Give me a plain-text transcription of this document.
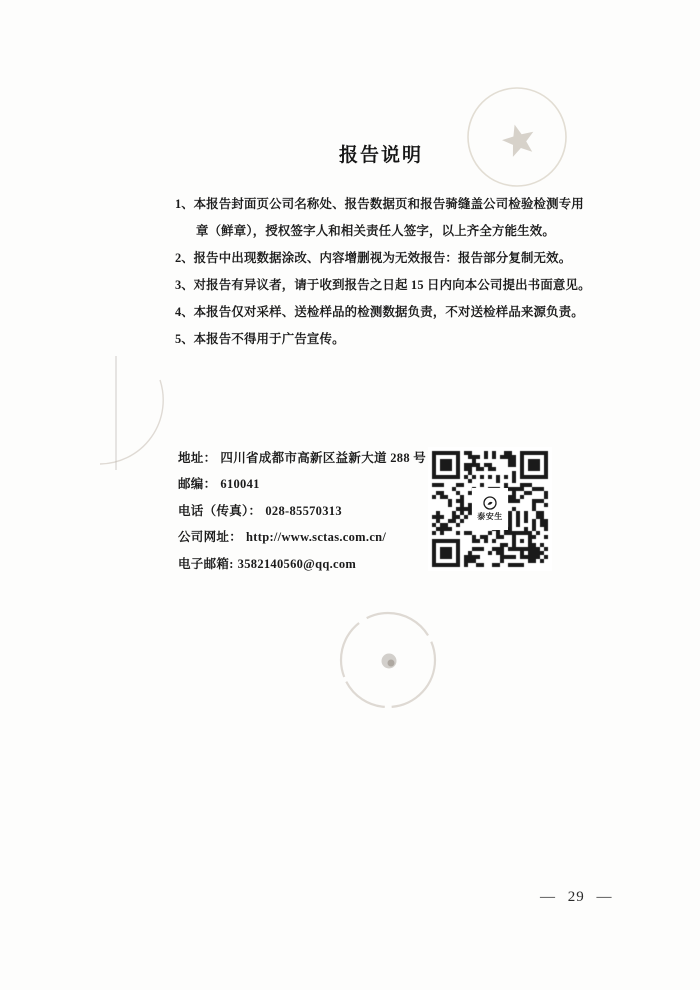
报告说明
1、本报告封面页公司名称处、报告数据页和报告骑缝盖公司检验检测专用章（鲜章），授权签字人和相关责任人签字，以上齐全方能生效。
2、报告中出现数据涂改、内容增删视为无效报告：报告部分复制无效。
3、对报告有异议者，请于收到报告之日起 15 日内向本公司提出书面意见。
4、本报告仅对采样、送检样品的检测数据负责，不对送检样品来源负责。
5、本报告不得用于广告宣传。
地址： 四川省成都市高新区益新大道 288 号
邮编： 610041
电话（传真）： 028-85570313
公司网址： http://www.sctas.com.cn/
电子邮箱: 3582140560@qq.com
泰安生
— 29 —
